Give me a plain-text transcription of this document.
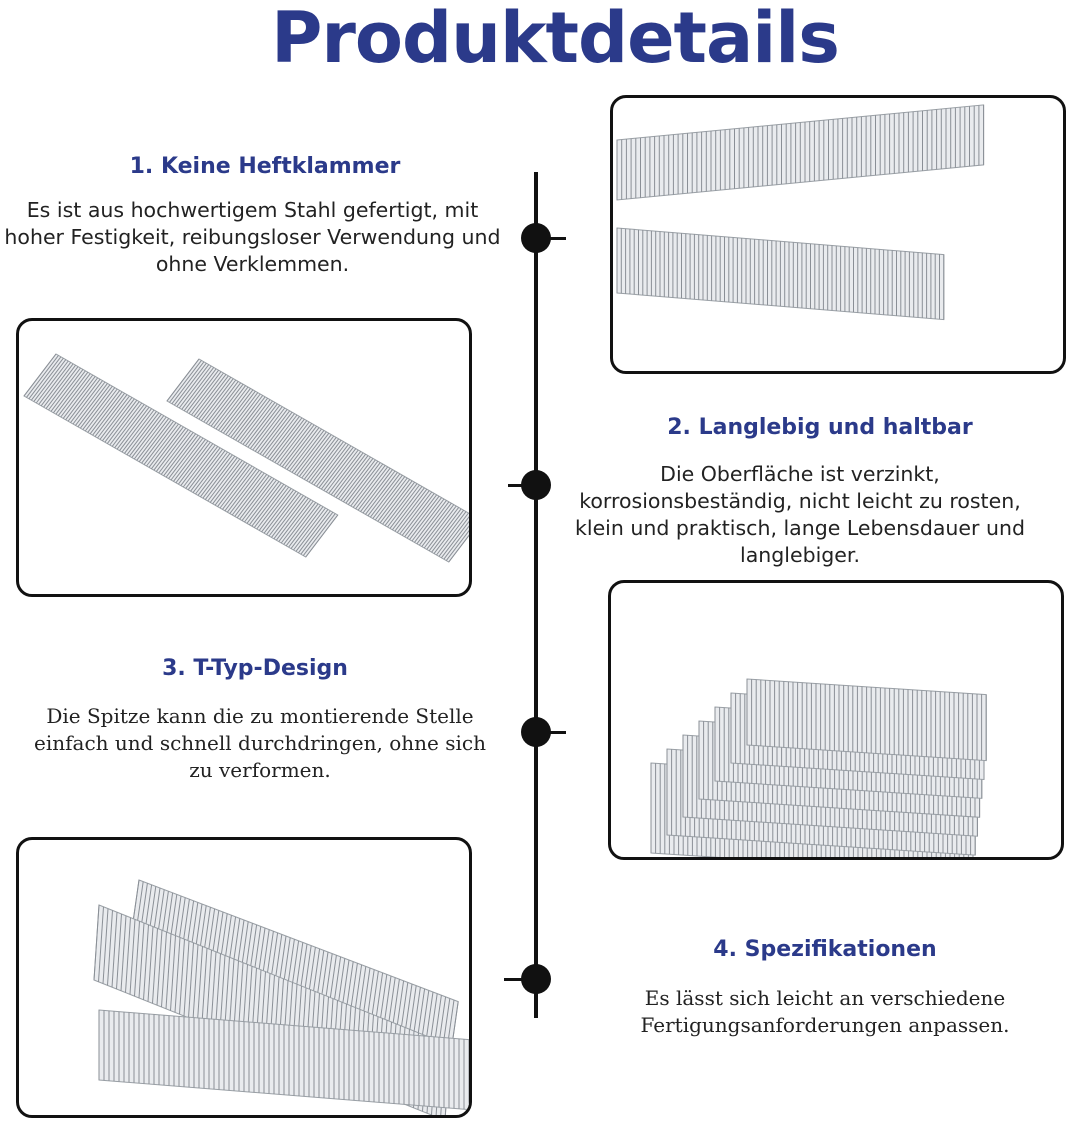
Produktdetails
1. Keine Heftklammer
Es ist aus hochwertigem Stahl gefertigt, mit hoher Festigkeit, reibungsloser Verwendung und ohne Verklemmen.
2. Langlebig und haltbar
Die Oberfläche ist verzinkt, korrosionsbeständig, nicht leicht zu rosten, klein und praktisch, lange Lebensdauer und langlebiger.
3. T-Typ-Design
Die Spitze kann die zu montierende Stelle einfach und schnell durchdringen, ohne sich zu verformen.
4. Spezifikationen
Es lässt sich leicht an verschiedene Fertigungsanforderungen anpassen.
